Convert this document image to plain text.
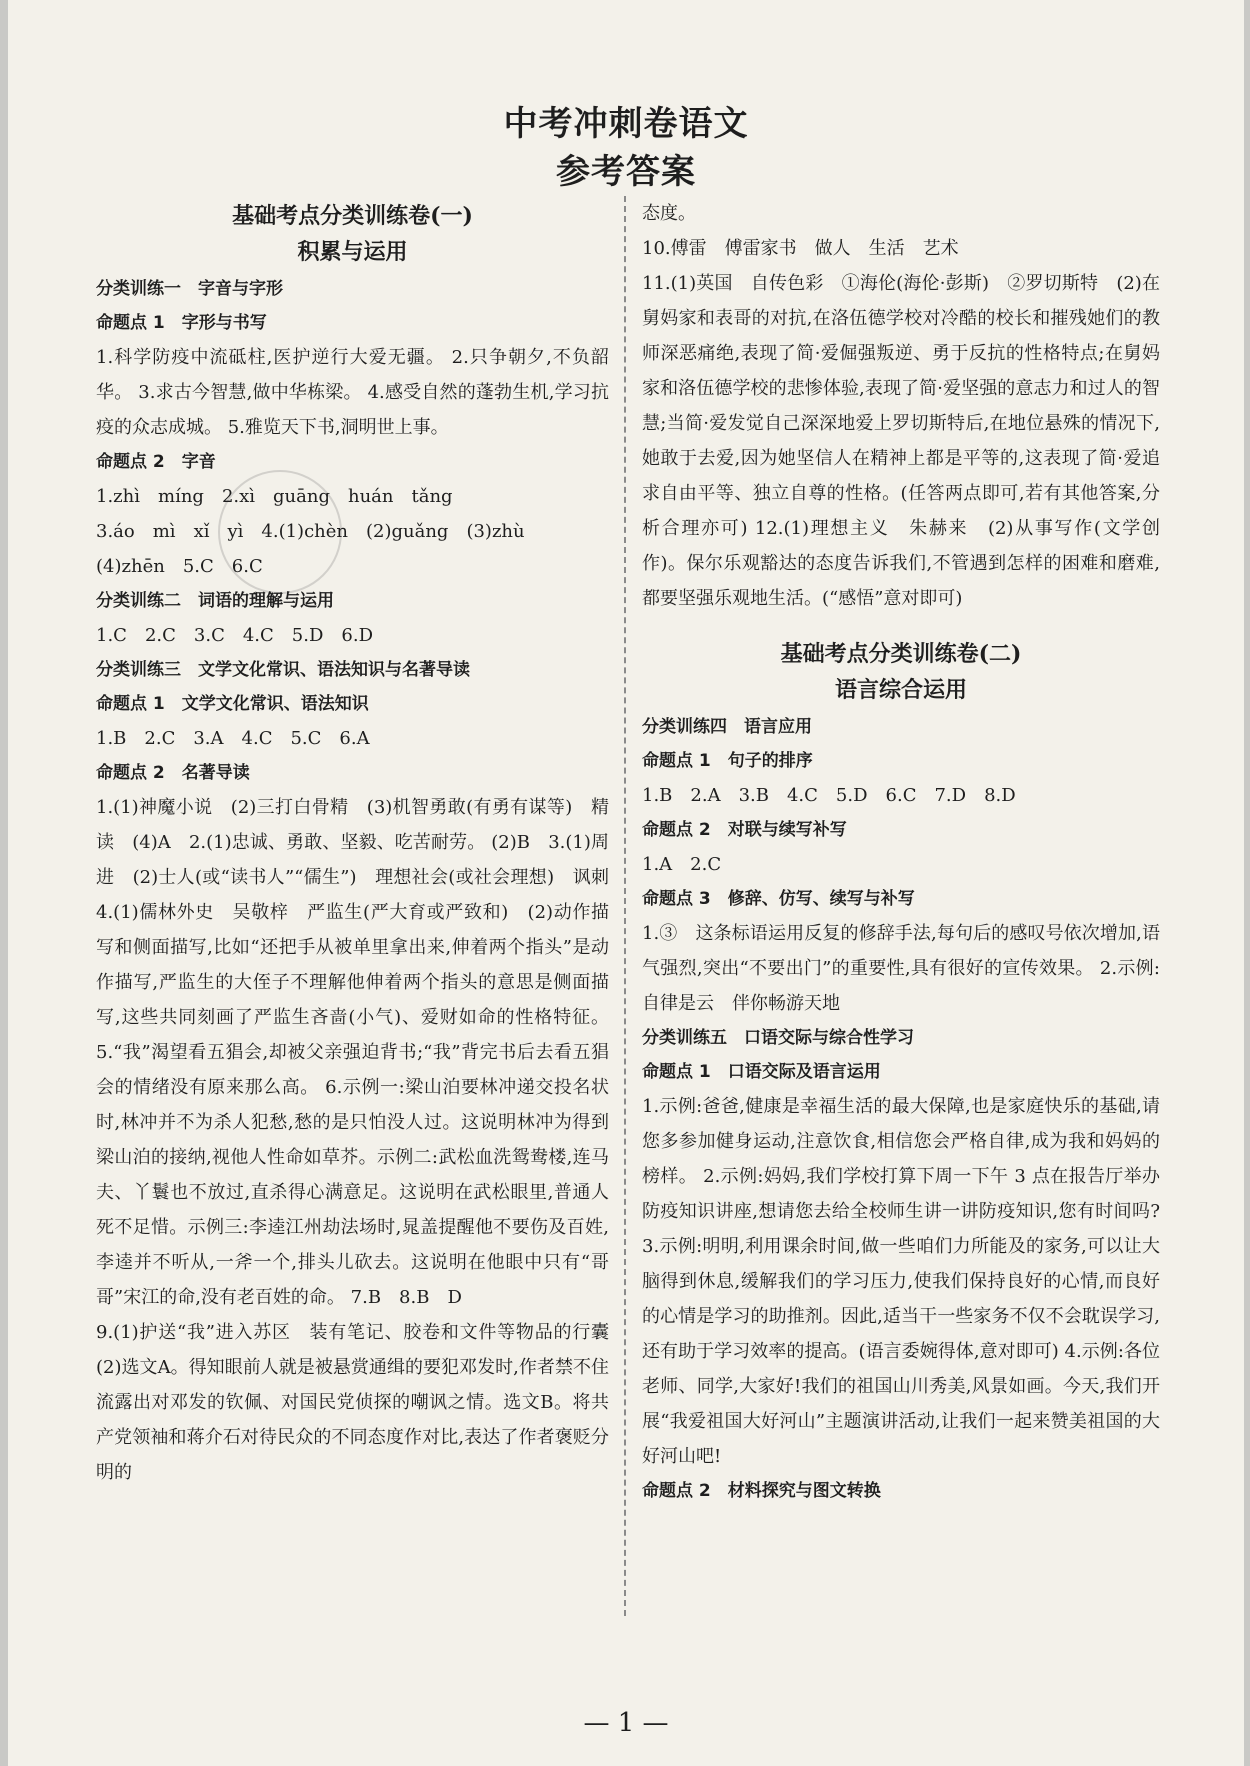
中考冲刺卷语文
参考答案
基础考点分类训练卷(一)
积累与运用
分类训练一　字音与字形
命题点 1　字形与书写
1.科学防疫中流砥柱,医护逆行大爱无疆。 2.只争朝夕,不负韶华。 3.求古今智慧,做中华栋梁。 4.感受自然的蓬勃生机,学习抗疫的众志成城。 5.雅览天下书,洞明世上事。
命题点 2　字音
1.zhì　míng　2.xì　guāng　huán　tǎng
3.áo　mì　xǐ　yì　4.(1)chèn　(2)guǎng　(3)zhù
(4)zhēn　5.C　6.C
分类训练二　词语的理解与运用
1.C　2.C　3.C　4.C　5.D　6.D
分类训练三　文学文化常识、语法知识与名著导读
命题点 1　文学文化常识、语法知识
1.B　2.C　3.A　4.C　5.C　6.A
命题点 2　名著导读
1.(1)神魔小说　(2)三打白骨精　(3)机智勇敢(有勇有谋等)　精读　(4)A　2.(1)忠诚、勇敢、坚毅、吃苦耐劳。 (2)B　3.(1)周进　(2)士人(或“读书人”“儒生”)　理想社会(或社会理想)　讽刺　4.(1)儒林外史　吴敬梓　严监生(严大育或严致和)　(2)动作描写和侧面描写,比如“还把手从被单里拿出来,伸着两个指头”是动作描写,严监生的大侄子不理解他伸着两个指头的意思是侧面描写,这些共同刻画了严监生吝啬(小气)、爱财如命的性格特征。 5.“我”渴望看五猖会,却被父亲强迫背书;“我”背完书后去看五猖会的情绪没有原来那么高。 6.示例一:梁山泊要林冲递交投名状时,林冲并不为杀人犯愁,愁的是只怕没人过。这说明林冲为得到梁山泊的接纳,视他人性命如草芥。示例二:武松血洗鸳鸯楼,连马夫、丫鬟也不放过,直杀得心满意足。这说明在武松眼里,普通人死不足惜。示例三:李逵江州劫法场时,晁盖提醒他不要伤及百姓,李逵并不听从,一斧一个,排头儿砍去。这说明在他眼中只有“哥哥”宋江的命,没有老百姓的命。 7.B　8.B　D
9.(1)护送“我”进入苏区　装有笔记、胶卷和文件等物品的行囊　(2)选文A。得知眼前人就是被悬赏通缉的要犯邓发时,作者禁不住流露出对邓发的钦佩、对国民党侦探的嘲讽之情。选文B。将共产党领袖和蒋介石对待民众的不同态度作对比,表达了作者褒贬分明的
态度。
10.傅雷　傅雷家书　做人　生活　艺术
11.(1)英国　自传色彩　①海伦(海伦·彭斯)　②罗切斯特　(2)在舅妈家和表哥的对抗,在洛伍德学校对冷酷的校长和摧残她们的教师深恶痛绝,表现了简·爱倔强叛逆、勇于反抗的性格特点;在舅妈家和洛伍德学校的悲惨体验,表现了简·爱坚强的意志力和过人的智慧;当简·爱发觉自己深深地爱上罗切斯特后,在地位悬殊的情况下,她敢于去爱,因为她坚信人在精神上都是平等的,这表现了简·爱追求自由平等、独立自尊的性格。(任答两点即可,若有其他答案,分析合理亦可) 12.(1)理想主义　朱赫来　(2)从事写作(文学创作)。保尔乐观豁达的态度告诉我们,不管遇到怎样的困难和磨难,都要坚强乐观地生活。(“感悟”意对即可)
基础考点分类训练卷(二)
语言综合运用
分类训练四　语言应用
命题点 1　句子的排序
1.B　2.A　3.B　4.C　5.D　6.C　7.D　8.D
命题点 2　对联与续写补写
1.A　2.C
命题点 3　修辞、仿写、续写与补写
1.③　这条标语运用反复的修辞手法,每句后的感叹号依次增加,语气强烈,突出“不要出门”的重要性,具有很好的宣传效果。 2.示例:自律是云　伴你畅游天地
分类训练五　口语交际与综合性学习
命题点 1　口语交际及语言运用
1.示例:爸爸,健康是幸福生活的最大保障,也是家庭快乐的基础,请您多参加健身运动,注意饮食,相信您会严格自律,成为我和妈妈的榜样。 2.示例:妈妈,我们学校打算下周一下午 3 点在报告厅举办防疫知识讲座,想请您去给全校师生讲一讲防疫知识,您有时间吗? 3.示例:明明,利用课余时间,做一些咱们力所能及的家务,可以让大脑得到休息,缓解我们的学习压力,使我们保持良好的心情,而良好的心情是学习的助推剂。因此,适当干一些家务不仅不会耽误学习,还有助于学习效率的提高。(语言委婉得体,意对即可) 4.示例:各位老师、同学,大家好!我们的祖国山川秀美,风景如画。今天,我们开展“我爱祖国大好河山”主题演讲活动,让我们一起来赞美祖国的大好河山吧!
命题点 2　材料探究与图文转换
— 1 —
